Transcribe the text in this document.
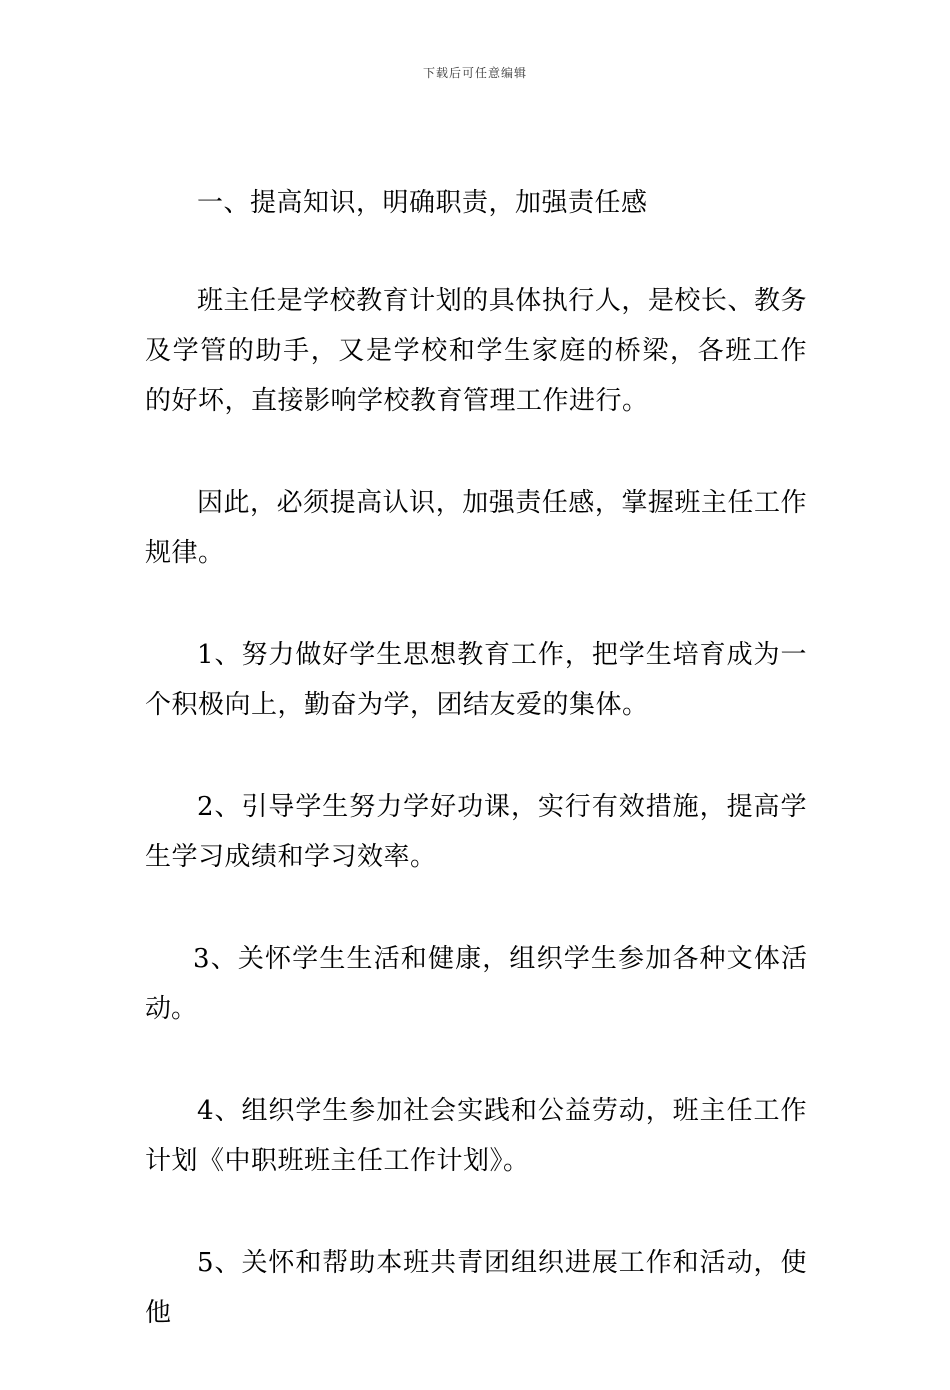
下载后可任意编辑

一、提高知识，明确职责，加强责任感

班主任是学校教育计划的具体执行人，是校长、教务及学管的助手，又是学校和学生家庭的桥梁，各班工作的好坏，直接影响学校教育管理工作进行。

因此，必须提高认识，加强责任感，掌握班主任工作规律。

1、努力做好学生思想教育工作，把学生培育成为一个积极向上，勤奋为学，团结友爱的集体。

2、引导学生努力学好功课，实行有效措施，提高学生学习成绩和学习效率。

3、关怀学生生活和健康，组织学生参加各种文体活动。

4、组织学生参加社会实践和公益劳动，班主任工作计划《中职班班主任工作计划》。

5、关怀和帮助本班共青团组织进展工作和活动，使他
